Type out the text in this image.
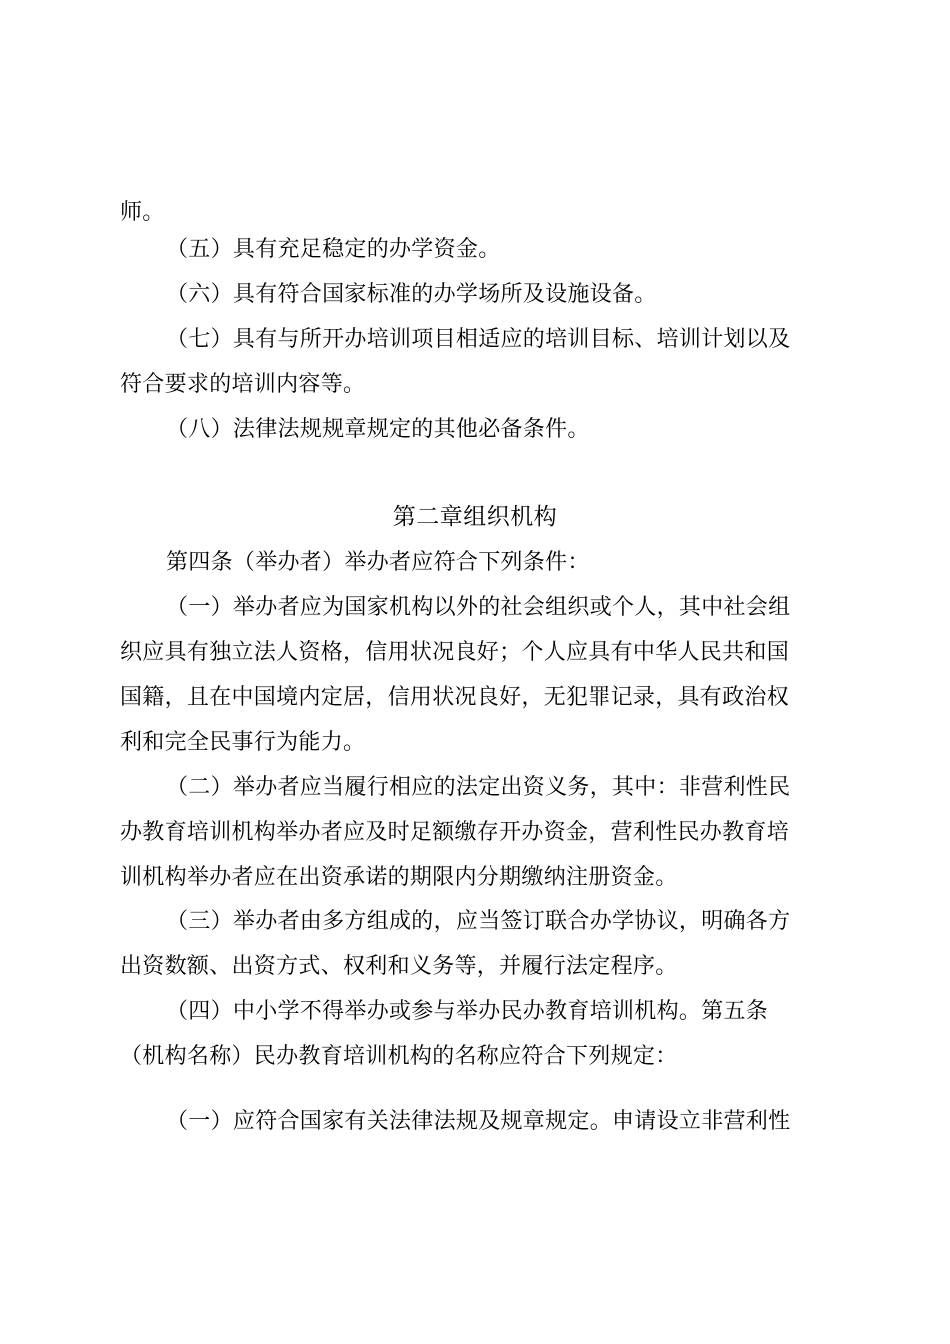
师。

（五）具有充足稳定的办学资金。

（六）具有符合国家标准的办学场所及设施设备。

（七）具有与所开办培训项目相适应的培训目标、培训计划以及

符合要求的培训内容等。

（八）法律法规规章规定的其他必备条件。

第二章组织机构

第四条（举办者）举办者应符合下列条件：

（一）举办者应为国家机构以外的社会组织或个人，其中社会组

织应具有独立法人资格，信用状况良好；个人应具有中华人民共和国

国籍，且在中国境内定居，信用状况良好，无犯罪记录，具有政治权

利和完全民事行为能力。

（二）举办者应当履行相应的法定出资义务，其中：非营利性民

办教育培训机构举办者应及时足额缴存开办资金，营利性民办教育培

训机构举办者应在出资承诺的期限内分期缴纳注册资金。

（三）举办者由多方组成的，应当签订联合办学协议，明确各方

出资数额、出资方式、权利和义务等，并履行法定程序。

（四）中小学不得举办或参与举办民办教育培训机构。第五条

（机构名称）民办教育培训机构的名称应符合下列规定：

（一）应符合国家有关法律法规及规章规定。申请设立非营利性
